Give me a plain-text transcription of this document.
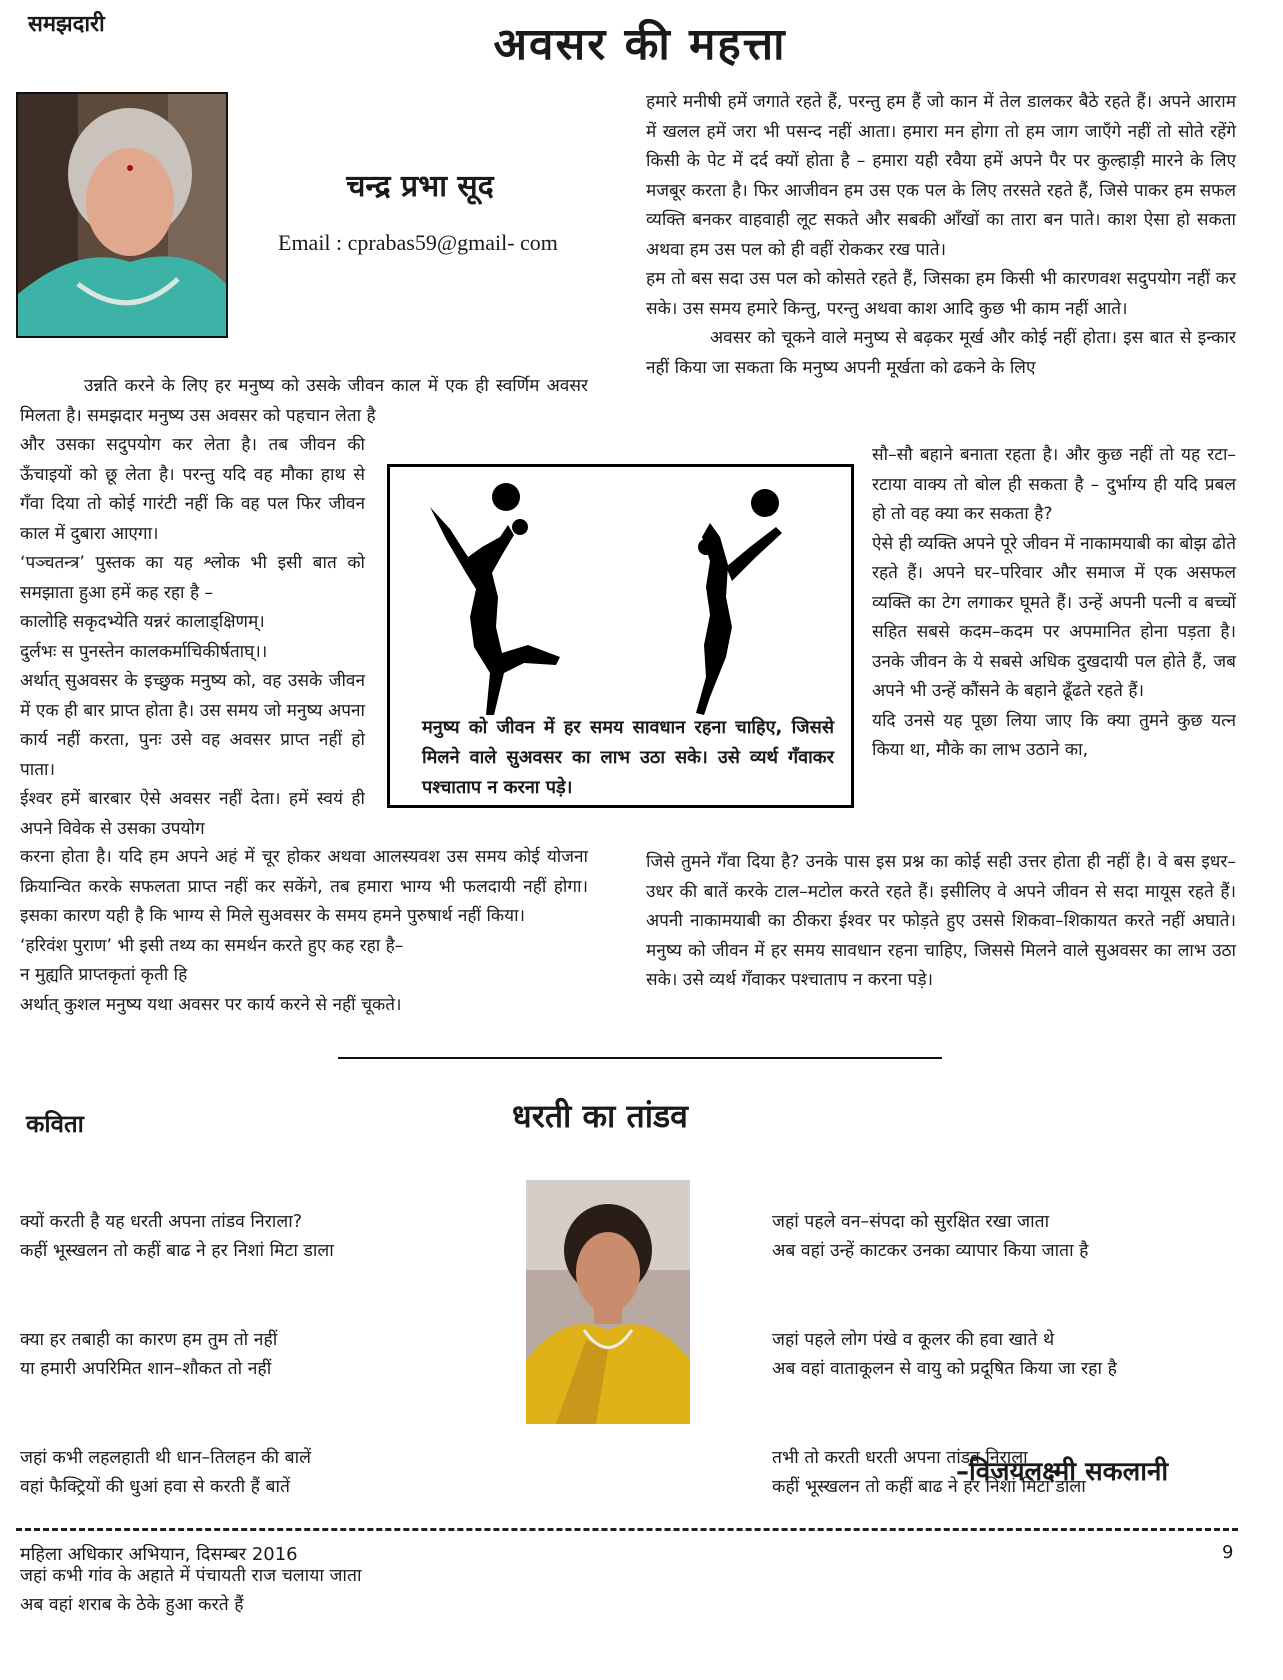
समझदारी	अवसर की महत्ता
चन्द्र प्रभा सूद
Email : cprabas59@gmail- com

उन्नति करने के लिए हर मनुष्य को उसके जीवन काल में एक ही स्वर्णिम अवसर मिलता है। समझदार मनुष्य उस अवसर को पहचान लेता है

और उसका सदुपयोग कर लेता है। तब जीवन की ऊँचाइयों को छू लेता है। परन्तु यदि वह मौका हाथ से गँवा दिया तो कोई गारंटी नहीं कि वह पल फिर जीवन काल में दुबारा आएगा।

‘पञ्चतन्त्र’ पुस्तक का यह श्लोक भी इसी बात को समझाता हुआ हमें कह रहा है –

कालोहि सकृदभ्येति यन्नरं कालाड्क्षिणम्।

दुर्लभः स पुनस्तेन कालकर्माचिकीर्षताघ्।।

अर्थात् सुअवसर के इच्छुक मनुष्य को, वह उसके जीवन में एक ही बार प्राप्त होता है। उस समय जो मनुष्य अपना कार्य नहीं करता, पुनः उसे वह अवसर प्राप्त नहीं हो पाता।

ईश्वर हमें बारबार ऐसे अवसर नहीं देता। हमें स्वयं ही अपने विवेक से उसका उपयोग

करना होता है। यदि हम अपने अहं में चूर होकर अथवा आलस्यवश उस समय कोई योजना क्रियान्वित करके सफलता प्राप्त नहीं कर सकेंगे, तब हमारा भाग्य भी फलदायी नहीं होगा। इसका कारण यही है कि भाग्य से मिले सुअवसर के समय हमने पुरुषार्थ नहीं किया।

‘हरिवंश पुराण’ भी इसी तथ्य का समर्थन करते हुए कह रहा है–

न मुह्यति प्राप्तकृतां कृती हि

अर्थात् कुशल मनुष्य यथा अवसर पर कार्य करने से नहीं चूकते।

हमारे मनीषी हमें जगाते रहते हैं, परन्तु हम हैं जो कान में तेल डालकर बैठे रहते हैं। अपने आराम में खलल हमें जरा भी पसन्द नहीं आता। हमारा मन होगा तो हम जाग जाएँगे नहीं तो सोते रहेंगे किसी के पेट में दर्द क्यों होता है – हमारा यही रवैया हमें अपने पैर पर कुल्हाड़ी मारने के लिए मजबूर करता है। फिर आजीवन हम उस एक पल के लिए तरसते रहते हैं, जिसे पाकर हम सफल व्यक्ति बनकर वाहवाही लूट सकते और सबकी आँखों का तारा बन पाते। काश ऐसा हो सकता अथवा हम उस पल को ही वहीं रोककर रख पाते।

हम तो बस सदा उस पल को कोसते रहते हैं, जिसका हम किसी भी कारणवश सदुपयोग नहीं कर सके। उस समय हमारे किन्तु, परन्तु अथवा काश आदि कुछ भी काम नहीं आते।

अवसर को चूकने वाले मनुष्य से बढ़कर मूर्ख और कोई नहीं होता। इस बात से इन्कार नहीं किया जा सकता कि मनुष्य अपनी मूर्खता को ढकने के लिए

सौ–सौ बहाने बनाता रहता है। और कुछ नहीं तो यह रटा–रटाया वाक्य तो बोल ही सकता है – दुर्भाग्य ही यदि प्रबल हो तो वह क्या कर सकता है?

ऐसे ही व्यक्ति अपने पूरे जीवन में नाकामयाबी का बोझ ढोते रहते हैं। अपने घर–परिवार और समाज में एक असफल व्यक्ति का टेग लगाकर घूमते हैं। उन्हें अपनी पत्नी व बच्चों सहित सबसे कदम–कदम पर अपमानित होना पड़ता है। उनके जीवन के ये सबसे अधिक दुखदायी पल होते हैं, जब अपने भी उन्हें कौंसने के बहाने ढूँढते रहते हैं।

यदि उनसे यह पूछा लिया जाए कि क्या तुमने कुछ यत्न किया था, मौके का लाभ उठाने का,

जिसे तुमने गँवा दिया है? उनके पास इस प्रश्न का कोई सही उत्तर होता ही नहीं है। वे बस इधर–उधर की बातें करके टाल–मटोल करते रहते हैं। इसीलिए वे अपने जीवन से सदा मायूस रहते हैं। अपनी नाकामयाबी का ठीकरा ईश्वर पर फोड़ते हुए उससे शिकवा–शिकायत करते नहीं अघाते। मनुष्य को जीवन में हर समय सावधान रहना चाहिए, जिससे मिलने वाले सुअवसर का लाभ उठा सके। उसे व्यर्थ गँवाकर पश्चाताप न करना पड़े।

मनुष्य को जीवन में हर समय सावधान रहना चाहिए, जिससे मिलने वाले सुअवसर का लाभ उठा सके। उसे व्यर्थ गँवाकर पश्चाताप न करना पड़े।
कविता	धरती का तांडव

क्यों करती है यह धरती अपना तांडव निराला?
कहीं भूस्खलन तो कहीं बाढ ने हर निशां मिटा डाला

क्या हर तबाही का कारण हम तुम तो नहीं
या हमारी अपरिमित शान–शौकत तो नहीं

जहां कभी लहलहाती थी धान–तिलहन की बालें
वहां फैक्ट्रियों की धुआं हवा से करती हैं बातें

जहां कभी गांव के अहाते में पंचायती राज चलाया जाता
अब वहां शराब के ठेके हुआ करते हैं

जहां पहले वन–संपदा को सुरक्षित रखा जाता
अब वहां उन्हें काटकर उनका व्यापार किया जाता है

जहां पहले लोग पंखे व कूलर की हवा खाते थे
अब वहां वाताकूलन से वायु को प्रदूषित किया जा रहा है

तभी तो करती धरती अपना तांडव निराला
कहीं भूस्खलन तो कहीं बाढ ने हर निशां मिटा डाला

–विजयलक्ष्मी सकलानी
महिला अधिकार अभियान, दिसम्बर 2016	9
